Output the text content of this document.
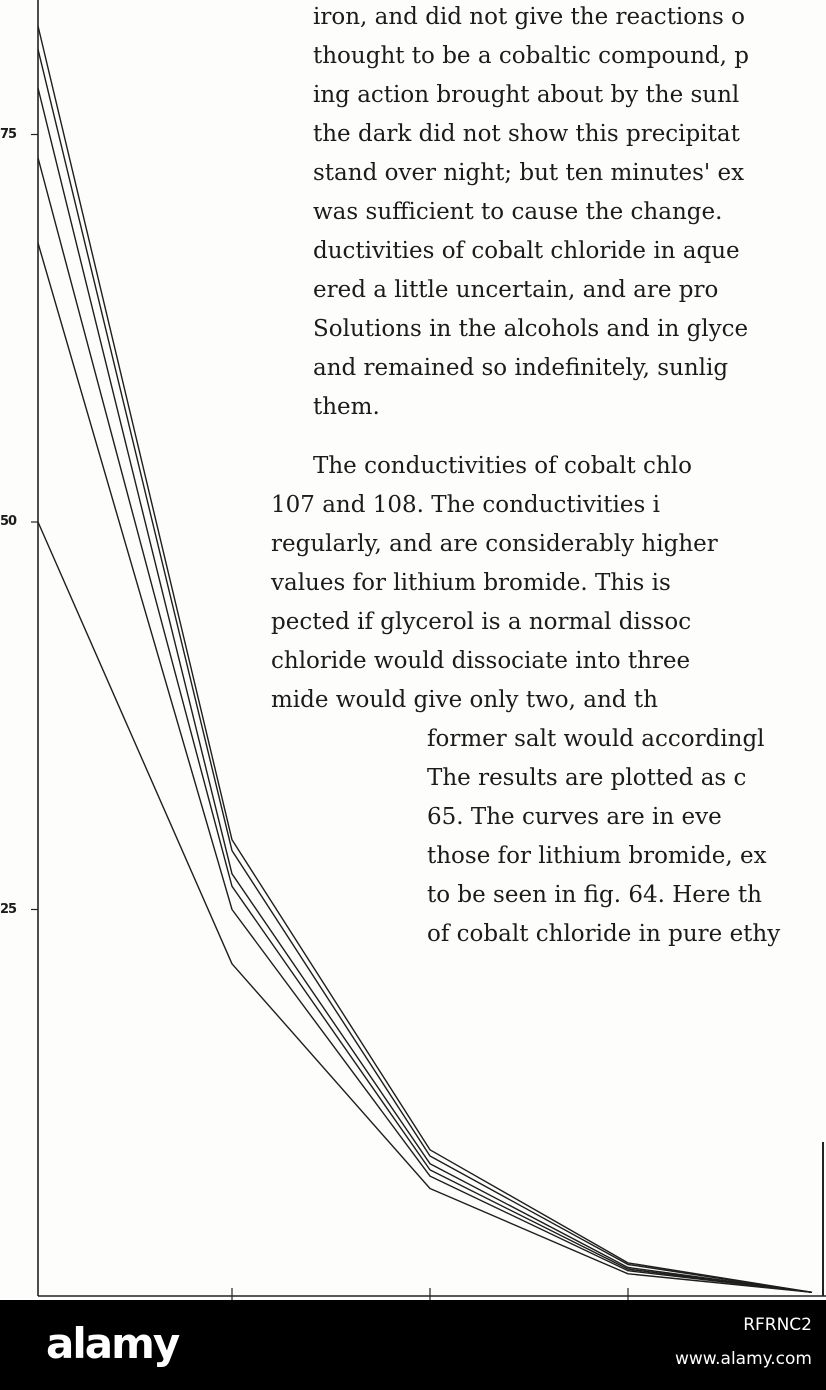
75
50
25

iron, and did not give the reactions o

thought to be a cobaltic compound, p

ing action brought about by the sunl

the dark did not show this precipitat

stand over night; but ten minutes' ex

was sufficient to cause the change.

ductivities of cobalt chloride in aque

ered a little uncertain, and are pro

Solutions in the alcohols and in glyce

and remained so indefinitely, sunlig

them.

The conductivities of cobalt chlo

107 and 108. The conductivities i

regularly, and are considerably higher

values for lithium bromide. This is

pected if glycerol is a normal dissoc

chloride would dissociate into three

mide would give only two, and th

former salt would accordingl

The results are plotted as c

65. The curves are in eve

those for lithium bromide, ex

to be seen in fig. 64. Here th

of cobalt chloride in pure ethy

alamy	RFRNC2
www.alamy.com
